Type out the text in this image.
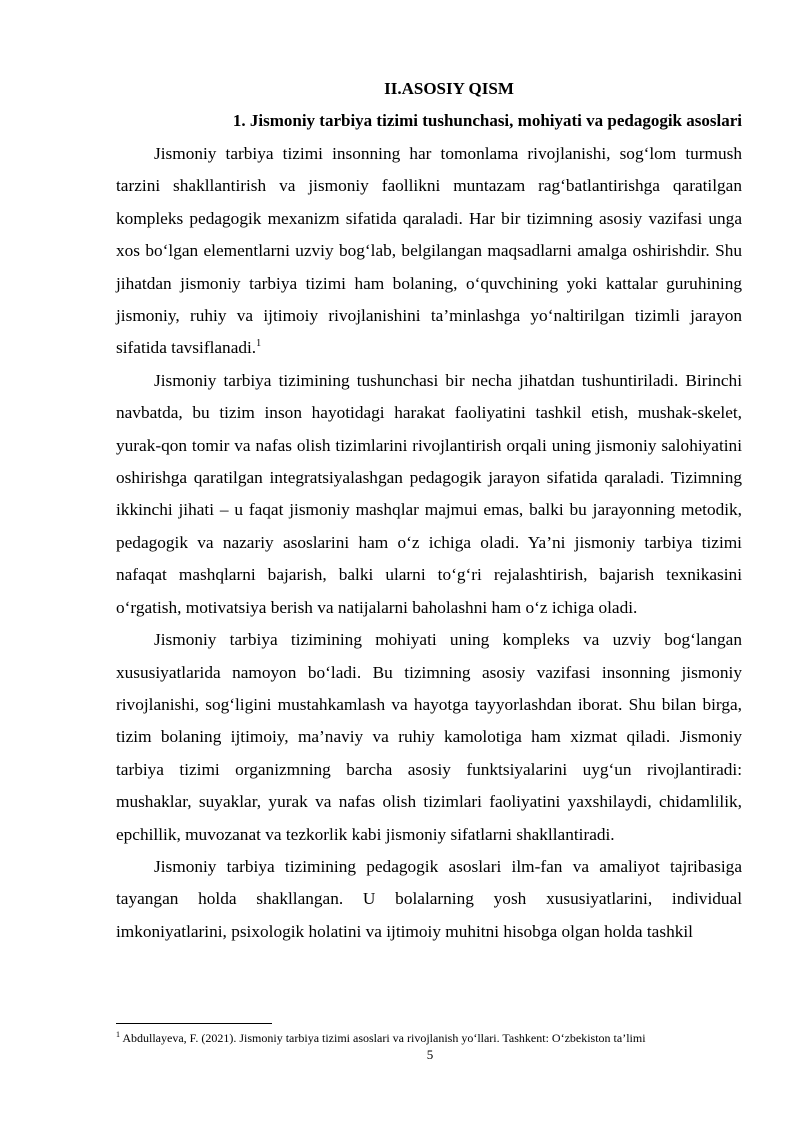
II.ASOSIY QISM
1. Jismoniy tarbiya tizimi tushunchasi, mohiyati va pedagogik asoslari

Jismoniy tarbiya tizimi insonning har tomonlama rivojlanishi, sog‘lom turmush tarzini shakllantirish va jismoniy faollikni muntazam rag‘batlantirishga qaratilgan kompleks pedagogik mexanizm sifatida qaraladi. Har bir tizimning asosiy vazifasi unga xos bo‘lgan elementlarni uzviy bog‘lab, belgilangan maqsadlarni amalga oshirishdir. Shu jihatdan jismoniy tarbiya tizimi ham bolaning, o‘quvchining yoki kattalar guruhining jismoniy, ruhiy va ijtimoiy rivojlanishini ta’minlashga yo‘naltirilgan tizimli jarayon sifatida tavsiflanadi.$^1$

Jismoniy tarbiya tizimining tushunchasi bir necha jihatdan tushuntiriladi. Birinchi navbatda, bu tizim inson hayotidagi harakat faoliyatini tashkil etish, mushak-skelet, yurak-qon tomir va nafas olish tizimlarini rivojlantirish orqali uning jismoniy salohiyatini oshirishga qaratilgan integratsiyalashgan pedagogik jarayon sifatida qaraladi. Tizimning ikkinchi jihati – u faqat jismoniy mashqlar majmui emas, balki bu jarayonning metodik, pedagogik va nazariy asoslarini ham o‘z ichiga oladi. Ya’ni jismoniy tarbiya tizimi nafaqat mashqlarni bajarish, balki ularni to‘g‘ri rejalashtirish, bajarish texnikasini o‘rgatish, motivatsiya berish va natijalarni baholashni ham o‘z ichiga oladi.

Jismoniy tarbiya tizimining mohiyati uning kompleks va uzviy bog‘langan xususiyatlarida namoyon bo‘ladi. Bu tizimning asosiy vazifasi insonning jismoniy rivojlanishi, sog‘ligini mustahkamlash va hayotga tayyorlashdan iborat. Shu bilan birga, tizim bolaning ijtimoiy, ma’naviy va ruhiy kamolotiga ham xizmat qiladi. Jismoniy tarbiya tizimi organizmning barcha asosiy funktsiyalarini uyg‘un rivojlantiradi: mushaklar, suyaklar, yurak va nafas olish tizimlari faoliyatini yaxshilaydi, chidamlilik, epchillik, muvozanat va tezkorlik kabi jismoniy sifatlarni shakllantiradi.

Jismoniy tarbiya tizimining pedagogik asoslari ilm-fan va amaliyot tajribasiga tayangan holda shakllangan. U bolalarning yosh xususiyatlarini, individual imkoniyatlarini, psixologik holatini va ijtimoiy muhitni hisobga olgan holda tashkil

$^1$ Abdullayeva, F. (2021). Jismoniy tarbiya tizimi asoslari va rivojlanish yo‘llari. Tashkent: O‘zbekiston ta’limi
5
